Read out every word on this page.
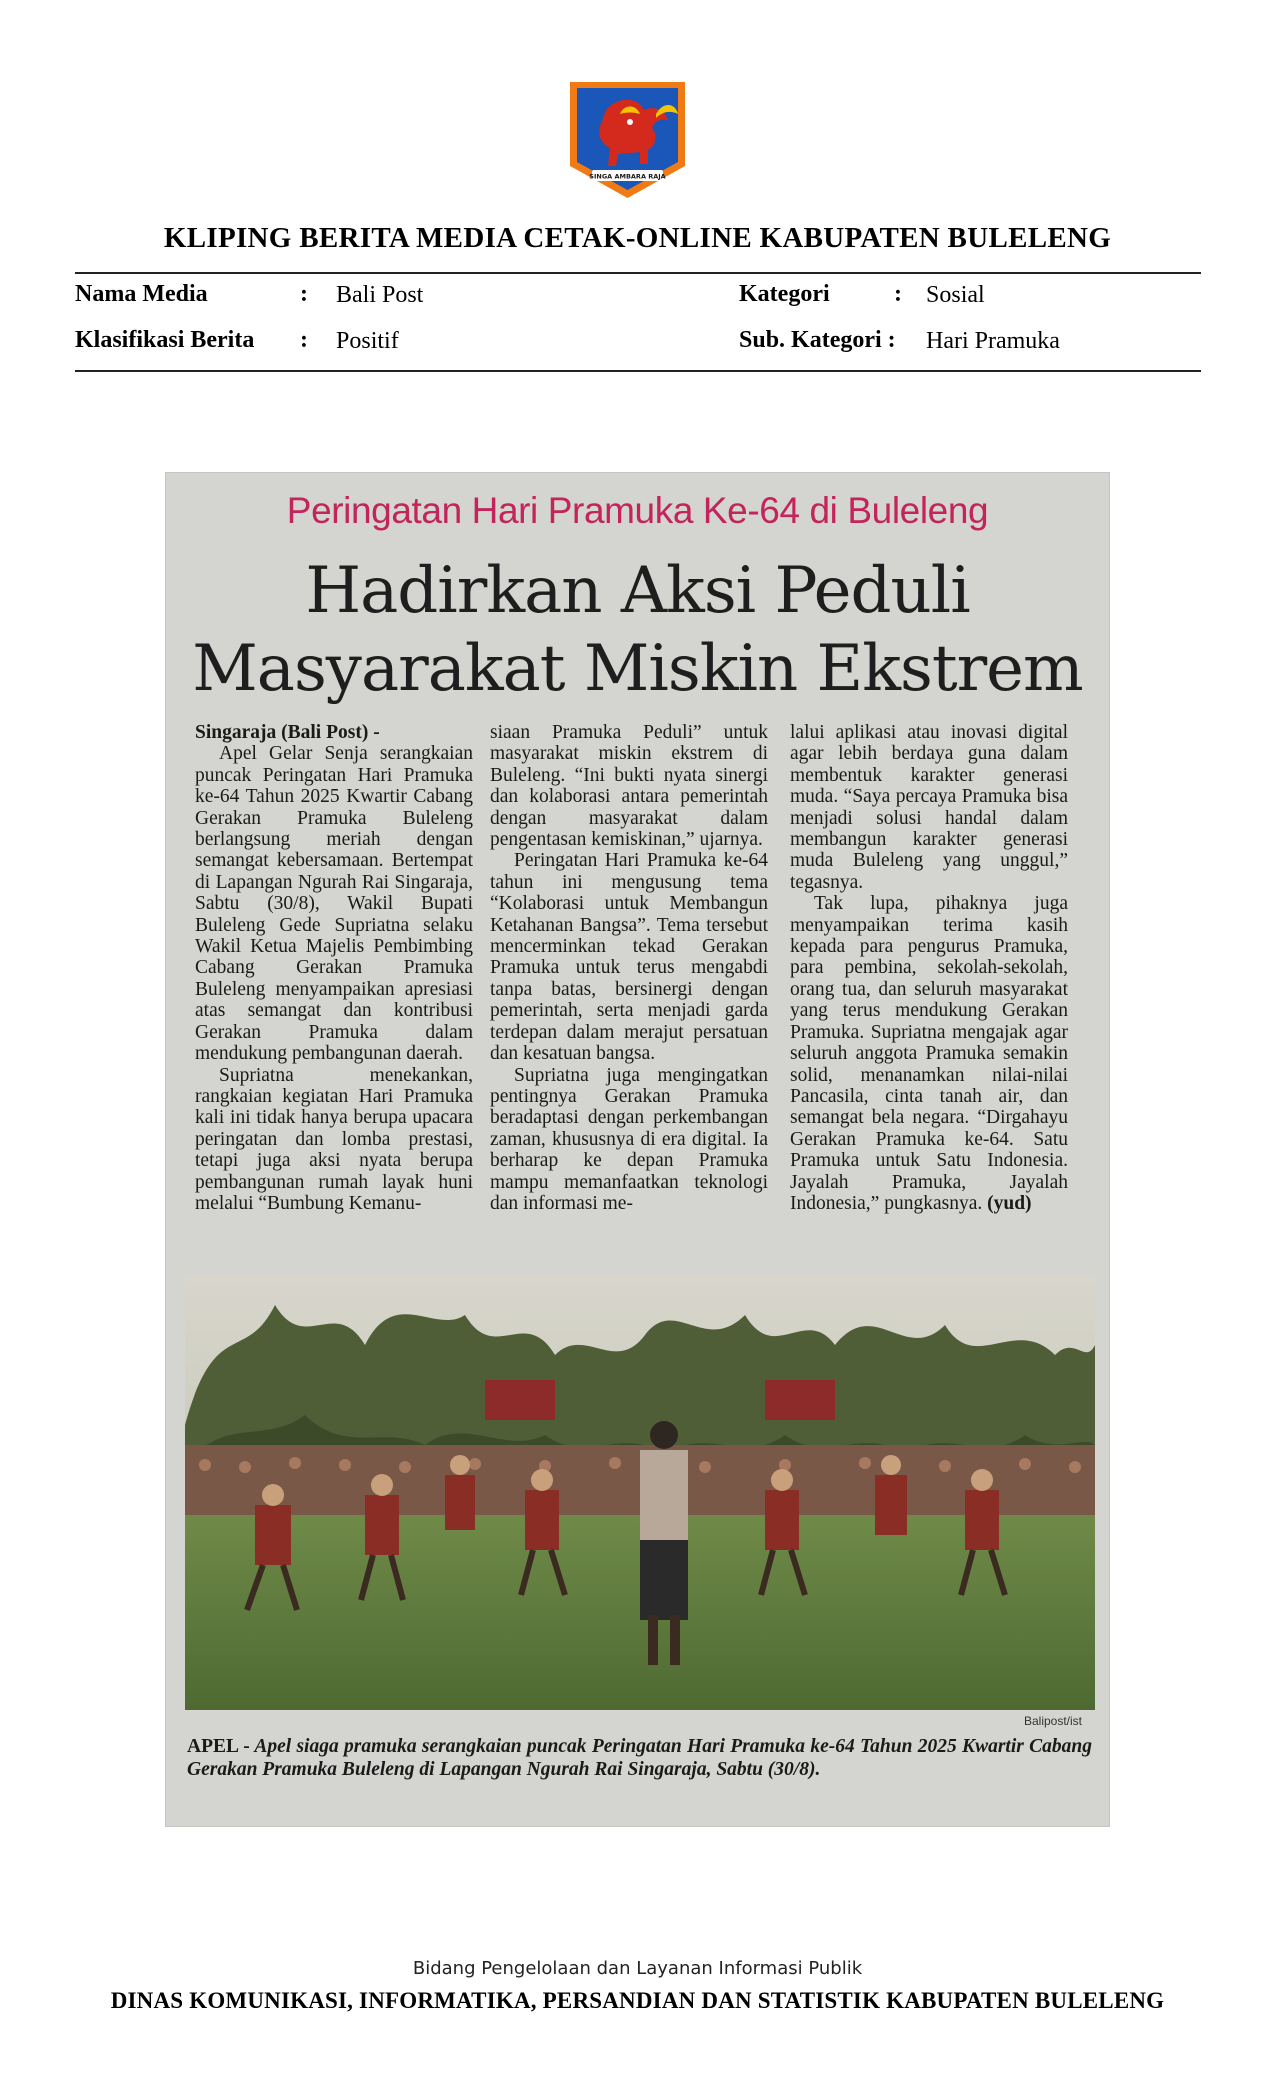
SINGA AMBARA RAJA
KLIPING BERITA MEDIA CETAK-ONLINE KABUPATEN BULELENG
Nama Media	: Bali Post	Kategori	: Sosial
Klasifikasi Berita : Positif	Sub. Kategori : Hari Pramuka
Peringatan Hari Pramuka Ke-64 di Buleleng
Hadirkan Aksi Peduli
Masyarakat Miskin Ekstrem
Singaraja (Bali Post) -

Apel Gelar Senja serangkaian puncak Peringatan Hari Pramuka ke-64 Tahun 2025 Kwartir Cabang Gerakan Pramuka Buleleng berlangsung meriah dengan semangat kebersamaan. Bertempat di Lapangan Ngurah Rai Singaraja, Sabtu (30/8), Wakil Bupati Buleleng Gede Supriatna selaku Wakil Ketua Majelis Pembimbing Cabang Gerakan Pramuka Buleleng menyampaikan apresiasi atas semangat dan kontribusi Gerakan Pramuka dalam mendukung pembangunan daerah.

Supriatna menekankan, rangkaian kegiatan Hari Pramuka kali ini tidak hanya berupa upacara peringatan dan lomba prestasi, tetapi juga aksi nyata berupa pembangunan rumah layak huni melalui “Bumbung Kemanu-

siaan Pramuka Peduli” untuk masyarakat miskin ekstrem di Buleleng. “Ini bukti nyata sinergi dan kolaborasi antara pemerintah dengan masyarakat dalam pengentasan kemiskinan,” ujarnya.

Peringatan Hari Pramuka ke-64 tahun ini mengusung tema “Kolaborasi untuk Membangun Ketahanan Bangsa”. Tema tersebut mencerminkan tekad Gerakan Pramuka untuk terus mengabdi tanpa batas, bersinergi dengan pemerintah, serta menjadi garda terdepan dalam merajut persatuan dan kesatuan bangsa.

Supriatna juga mengingatkan pentingnya Gerakan Pramuka beradaptasi dengan perkembangan zaman, khususnya di era digital. Ia berharap ke depan Pramuka mampu memanfaatkan teknologi dan informasi me-

lalui aplikasi atau inovasi digital agar lebih berdaya guna dalam membentuk karakter generasi muda. “Saya percaya Pramuka bisa menjadi solusi handal dalam membangun karakter generasi muda Buleleng yang unggul,” tegasnya.

Tak lupa, pihaknya juga menyampaikan terima kasih kepada para pengurus Pramuka, para pembina, sekolah-sekolah, orang tua, dan seluruh masyarakat yang terus mendukung Gerakan Pramuka. Supriatna mengajak agar seluruh anggota Pramuka semakin solid, menanamkan nilai-nilai Pancasila, cinta tanah air, dan semangat bela negara. “Dirgahayu Gerakan Pramuka ke-64. Satu Pramuka untuk Satu Indonesia. Jayalah Pramuka, Jayalah Indonesia,” pungkasnya. (yud)

Balipost/ist
APEL - Apel siaga pramuka serangkaian puncak Peringatan Hari Pramuka ke-64 Tahun 2025 Kwartir Cabang Gerakan Pramuka Buleleng di Lapangan Ngurah Rai Singaraja, Sabtu (30/8).
Bidang Pengelolaan dan Layanan Informasi Publik
DINAS KOMUNIKASI, INFORMATIKA, PERSANDIAN DAN STATISTIK KABUPATEN BULELENG
